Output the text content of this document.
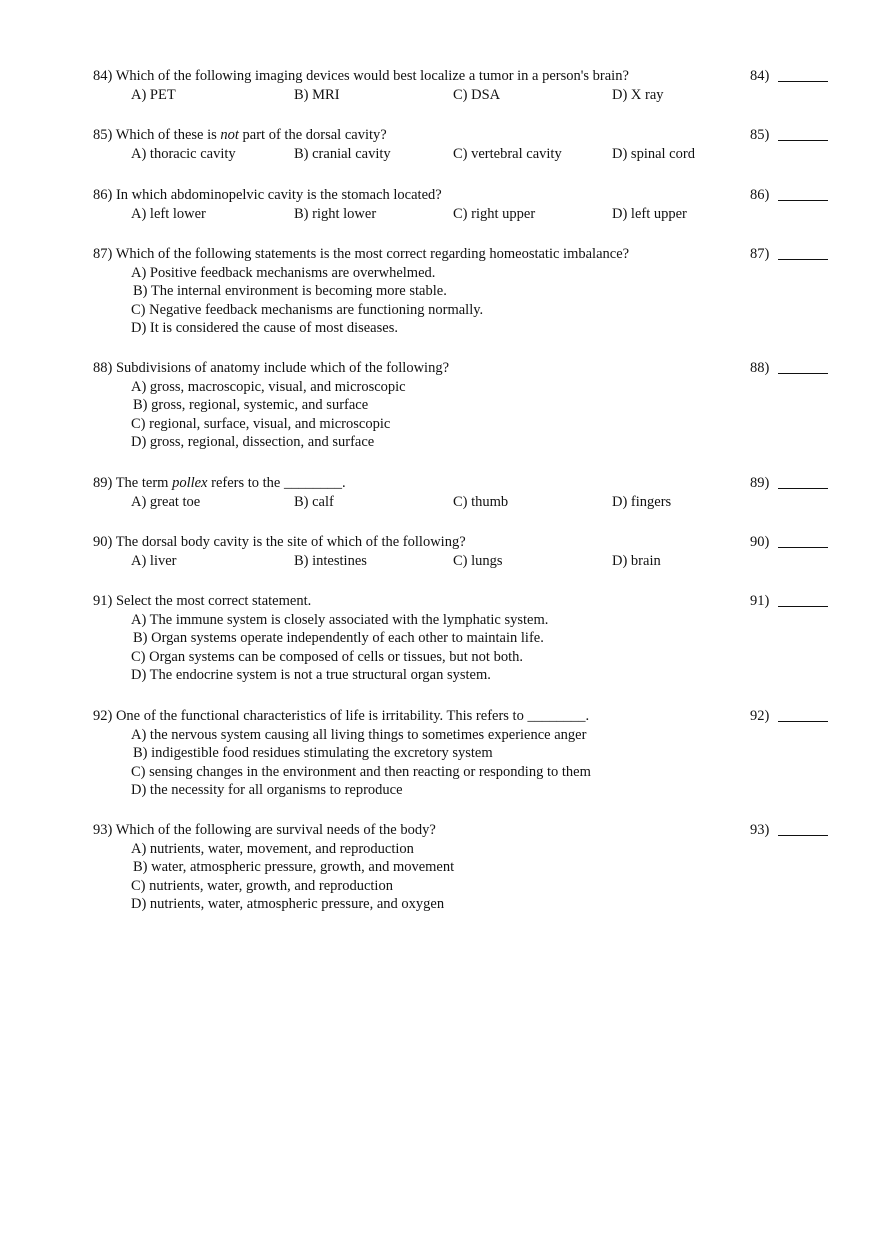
84) Which of the following imaging devices would best localize a tumor in a person's brain?	84)
A) PET	B) MRI	C) DSA	D) X ray
85) Which of these is not part of the dorsal cavity?	85)
A) thoracic cavity	B) cranial cavity	C) vertebral cavity	D) spinal cord
86) In which abdominopelvic cavity is the stomach located?	86)
A) left lower	B) right lower	C) right upper	D) left upper
87) Which of the following statements is the most correct regarding homeostatic imbalance?	87)
A) Positive feedback mechanisms are overwhelmed.
B) The internal environment is becoming more stable.
C) Negative feedback mechanisms are functioning normally.
D) It is considered the cause of most diseases.
88) Subdivisions of anatomy include which of the following?	88)
A) gross, macroscopic, visual, and microscopic
B) gross, regional, systemic, and surface
C) regional, surface, visual, and microscopic
D) gross, regional, dissection, and surface
89) The term pollex refers to the ________.	89)
A) great toe	B) calf	C) thumb	D) fingers
90) The dorsal body cavity is the site of which of the following?	90)
A) liver	B) intestines	C) lungs	D) brain
91) Select the most correct statement.	91)
A) The immune system is closely associated with the lymphatic system.
B) Organ systems operate independently of each other to maintain life.
C) Organ systems can be composed of cells or tissues, but not both.
D) The endocrine system is not a true structural organ system.
92) One of the functional characteristics of life is irritability. This refers to ________.	92)
A) the nervous system causing all living things to sometimes experience anger
B) indigestible food residues stimulating the excretory system
C) sensing changes in the environment and then reacting or responding to them
D) the necessity for all organisms to reproduce
93) Which of the following are survival needs of the body?	93)
A) nutrients, water, movement, and reproduction
B) water, atmospheric pressure, growth, and movement
C) nutrients, water, growth, and reproduction
D) nutrients, water, atmospheric pressure, and oxygen
